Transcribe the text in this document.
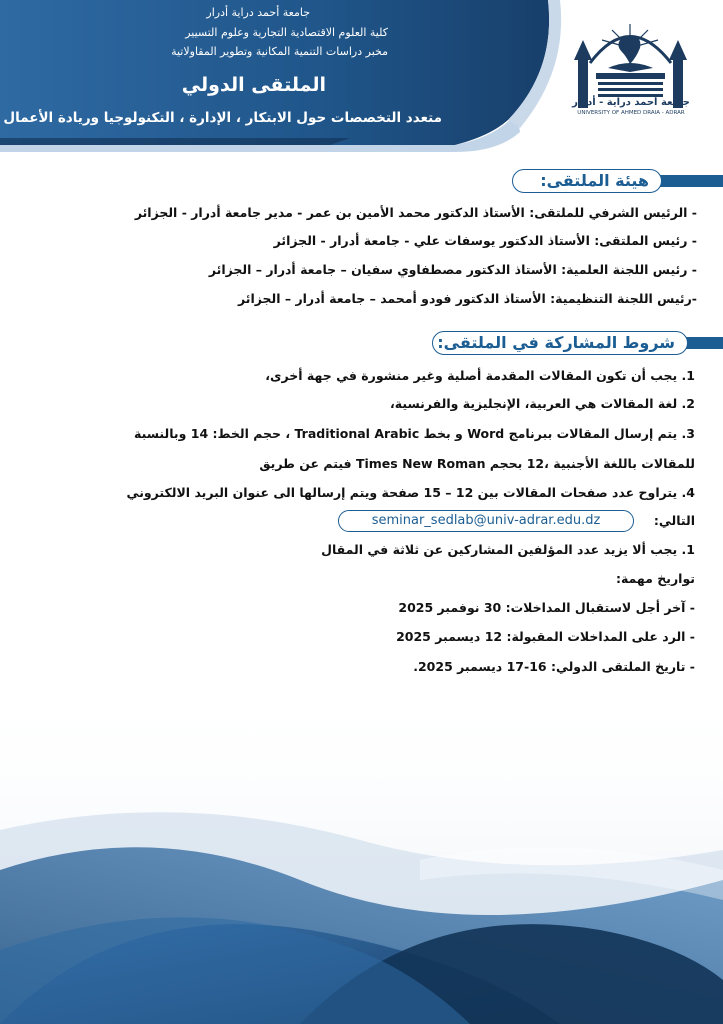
جامعة أحمد دراية أدرار
كلية العلوم الاقتصادية التجارية وعلوم التسيير
مخبر دراسات التنمية المكانية وتطوير المقاولاتية
الملتقى الدولي
متعدد التخصصات حول الابتكار ، الإدارة ، التكنولوجيا وريادة الأعمال
جامعة أحمد دراية - أدرار
UNIVERSITY OF AHMED DRAIA - ADRAR
هيئة الملتقى:
- الرئيس الشرفي للملتقى: الأستاذ الدكتور محمد الأمين بن عمر - مدير جامعة أدرار - الجزائر
- رئيس الملتقى: الأستاذ الدكتور يوسفات علي - جامعة أدرار - الجزائر
- رئيس اللجنة العلمية: الأستاذ الدكتور مصطفاوي سفيان – جامعة أدرار – الجزائر
-رئيس اللجنة التنظيمية: الأستاذ الدكتور فودو أمحمد – جامعة أدرار – الجزائر
شروط المشاركة في الملتقى:
1. يجب أن تكون المقالات المقدمة أصلية وغير منشورة في جهة أخرى،
2. لغة المقالات هي العربية، الإنجليزية والفرنسية،
3. يتم إرسال المقالات ببرنامج Word و بخط Traditional Arabic ، حجم الخط: 14 وبالنسبة
للمقالات باللغة الأجنبية ،12 بحجم Times New Roman فيتم عن طريق
4. يتراوح عدد صفحات المقالات بين 12 – 15 صفحة ويتم إرسالها الى عنوان البريد الالكتروني
التالي:
seminar_sedlab@univ-adrar.edu.dz
1. يجب ألا يزيد عدد المؤلفين المشاركين عن ثلاثة في المقال
تواريخ مهمة:
- آخر أجل لاستقبال المداخلات: 30 نوفمبر 2025
- الرد على المداخلات المقبولة: 12 ديسمبر 2025
- تاريخ الملتقى الدولي: 16-17 ديسمبر 2025.
